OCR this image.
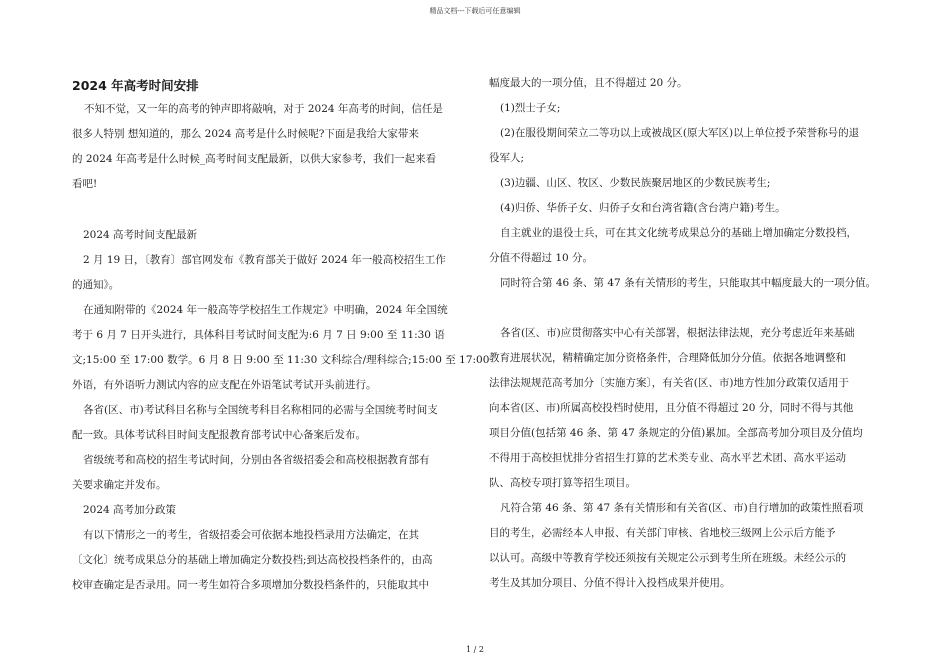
精品文档---下载后可任意编辑
2024 年高考时间安排
不知不觉，又一年的高考的钟声即将敲响，对于 2024 年高考的时间，信任是
很多人特别 想知道的，那么 2024 高考是什么时候呢?下面是我给大家带来
的 2024 年高考是什么时候_高考时间支配最新，以供大家参考，我们一起来看
看吧!
2024 高考时间支配最新
2 月 19 日，〔教育〕部官网发布《教育部关于做好 2024 年一般高校招生工作
的通知》。
在通知附带的《2024 年一般高等学校招生工作规定》中明确，2024 年全国统
考于 6 月 7 日开头进行，具体科目考试时间支配为:6 月 7 日 9:00 至 11:30 语
文;15:00 至 17:00 数学。6 月 8 日 9:00 至 11:30 文科综合/理科综合;15:00 至 17:00
外语，有外语听力测试内容的应支配在外语笔试考试开头前进行。
各省(区、市)考试科目名称与全国统考科目名称相同的必需与全国统考时间支
配一致。具体考试科目时间支配报教育部考试中心备案后发布。
省级统考和高校的招生考试时间，分别由各省级招委会和高校根据教育部有
关要求确定并发布。
2024 高考加分政策
有以下情形之一的考生，省级招委会可依据本地投档录用方法确定，在其
〔文化〕统考成果总分的基础上增加确定分数投档;到达高校投档条件的，由高
校审查确定是否录用。同一考生如符合多项增加分数投档条件的，只能取其中
幅度最大的一项分值，且不得超过 20 分。
(1)烈士子女;
(2)在服役期间荣立二等功以上或被战区(原大军区)以上单位授予荣誉称号的退
役军人;
(3)边疆、山区、牧区、少数民族聚居地区的少数民族考生;
(4)归侨、华侨子女、归侨子女和台湾省籍(含台湾户籍)考生。
自主就业的退役士兵，可在其文化统考成果总分的基础上增加确定分数投档，
分值不得超过 10 分。
同时符合第 46 条、第 47 条有关情形的考生，只能取其中幅度最大的一项分值。
各省(区、市)应贯彻落实中心有关部署，根据法律法规，充分考虑近年来基础
教育进展状况，精精确定加分资格条件，合理降低加分分值。依据各地调整和
法律法规规范高考加分〔实施方案〕，有关省(区、市)地方性加分政策仅适用于
向本省(区、市)所属高校投档时使用，且分值不得超过 20 分，同时不得与其他
项目分值(包括第 46 条、第 47 条规定的分值)累加。全部高考加分项目及分值均
不得用于高校担忧排分省招生打算的艺术类专业、高水平艺术团、高水平运动
队、高校专项打算等招生项目。
凡符合第 46 条、第 47 条有关情形和有关省(区、市)自行增加的政策性照看项
目的考生，必需经本人申报、有关部门审核、省地校三级网上公示后方能予
以认可。高级中等教育学校还须按有关规定公示到考生所在班级。未经公示的
考生及其加分项目、分值不得计入投档成果并使用。
1 / 2
